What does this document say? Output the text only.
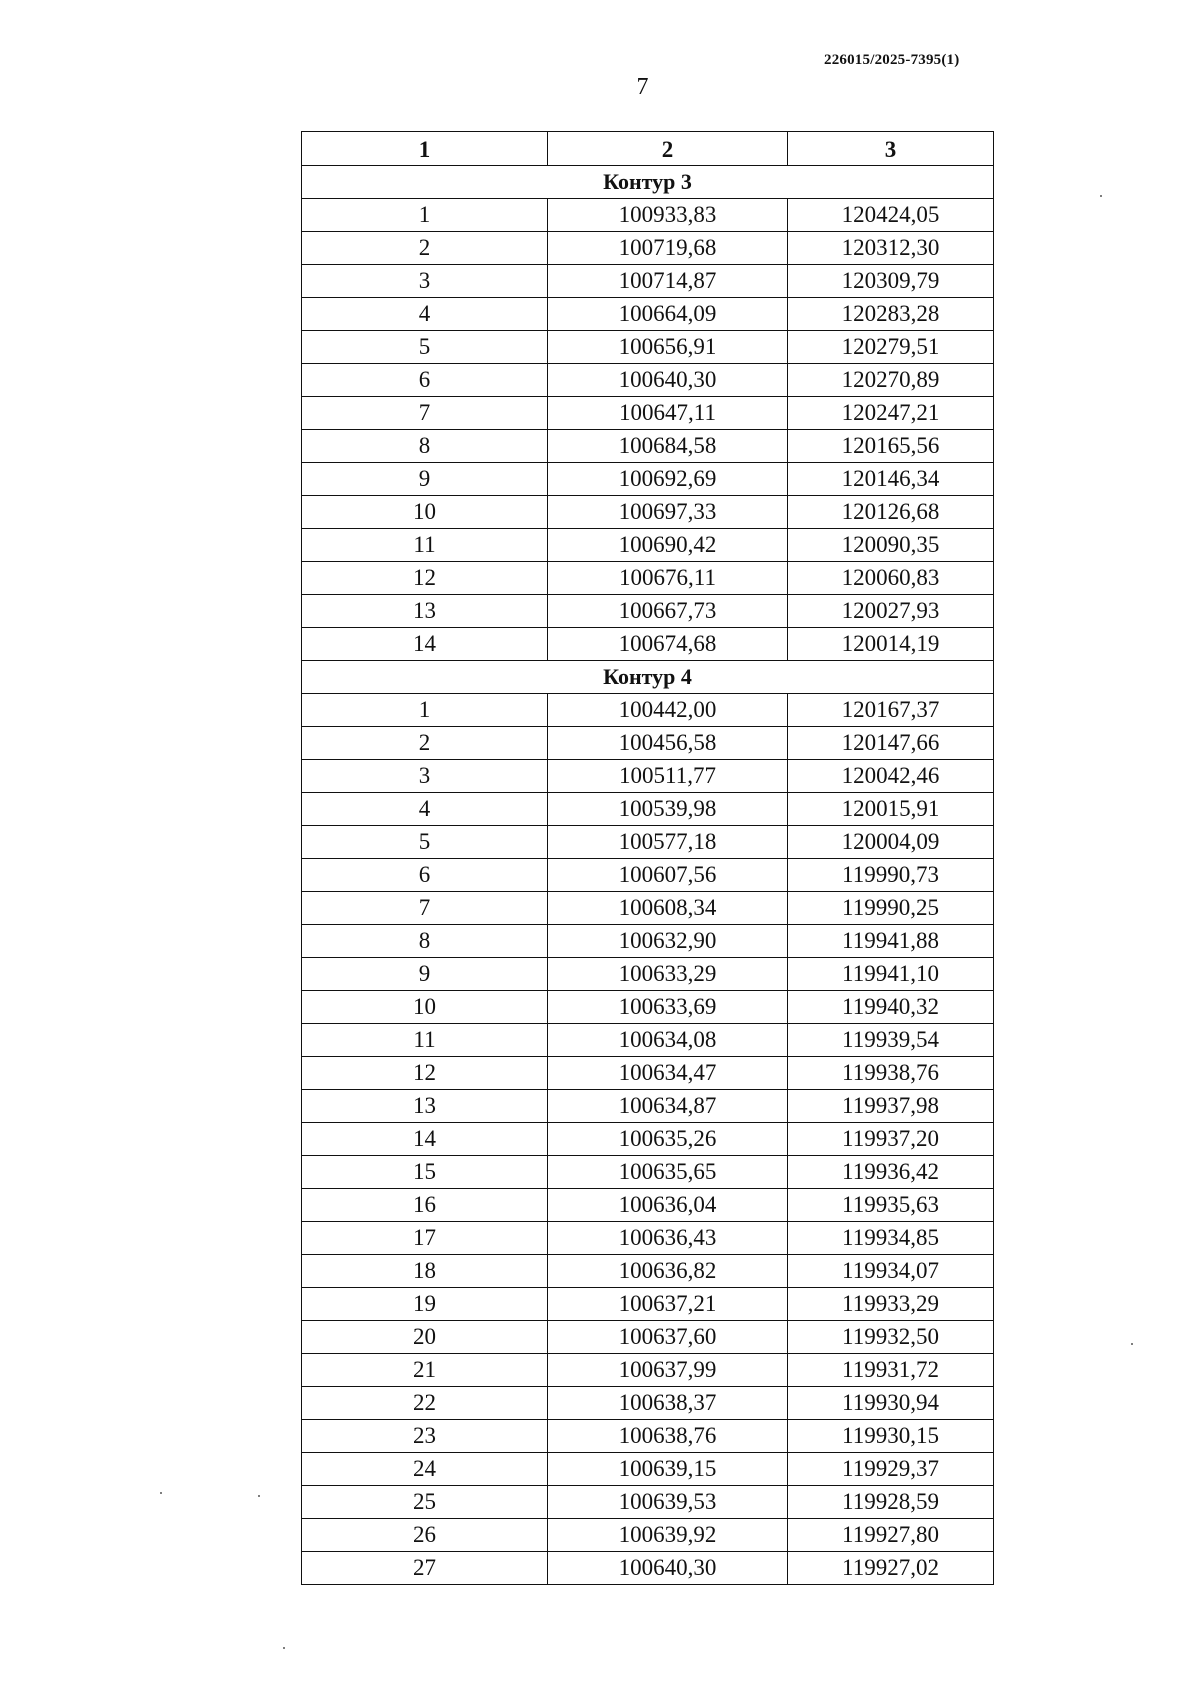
226015/2025-7395(1)
7
1	2	3
Контур 3		
1	100933,83	120424,05
2	100719,68	120312,30
3	100714,87	120309,79
4	100664,09	120283,28
5	100656,91	120279,51
6	100640,30	120270,89
7	100647,11	120247,21
8	100684,58	120165,56
9	100692,69	120146,34
10	100697,33	120126,68
11	100690,42	120090,35
12	100676,11	120060,83
13	100667,73	120027,93
14	100674,68	120014,19
Контур 4		
1	100442,00	120167,37
2	100456,58	120147,66
3	100511,77	120042,46
4	100539,98	120015,91
5	100577,18	120004,09
6	100607,56	119990,73
7	100608,34	119990,25
8	100632,90	119941,88
9	100633,29	119941,10
10	100633,69	119940,32
11	100634,08	119939,54
12	100634,47	119938,76
13	100634,87	119937,98
14	100635,26	119937,20
15	100635,65	119936,42
16	100636,04	119935,63
17	100636,43	119934,85
18	100636,82	119934,07
19	100637,21	119933,29
20	100637,60	119932,50
21	100637,99	119931,72
22	100638,37	119930,94
23	100638,76	119930,15
24	100639,15	119929,37
25	100639,53	119928,59
26	100639,92	119927,80
27	100640,30	119927,02
